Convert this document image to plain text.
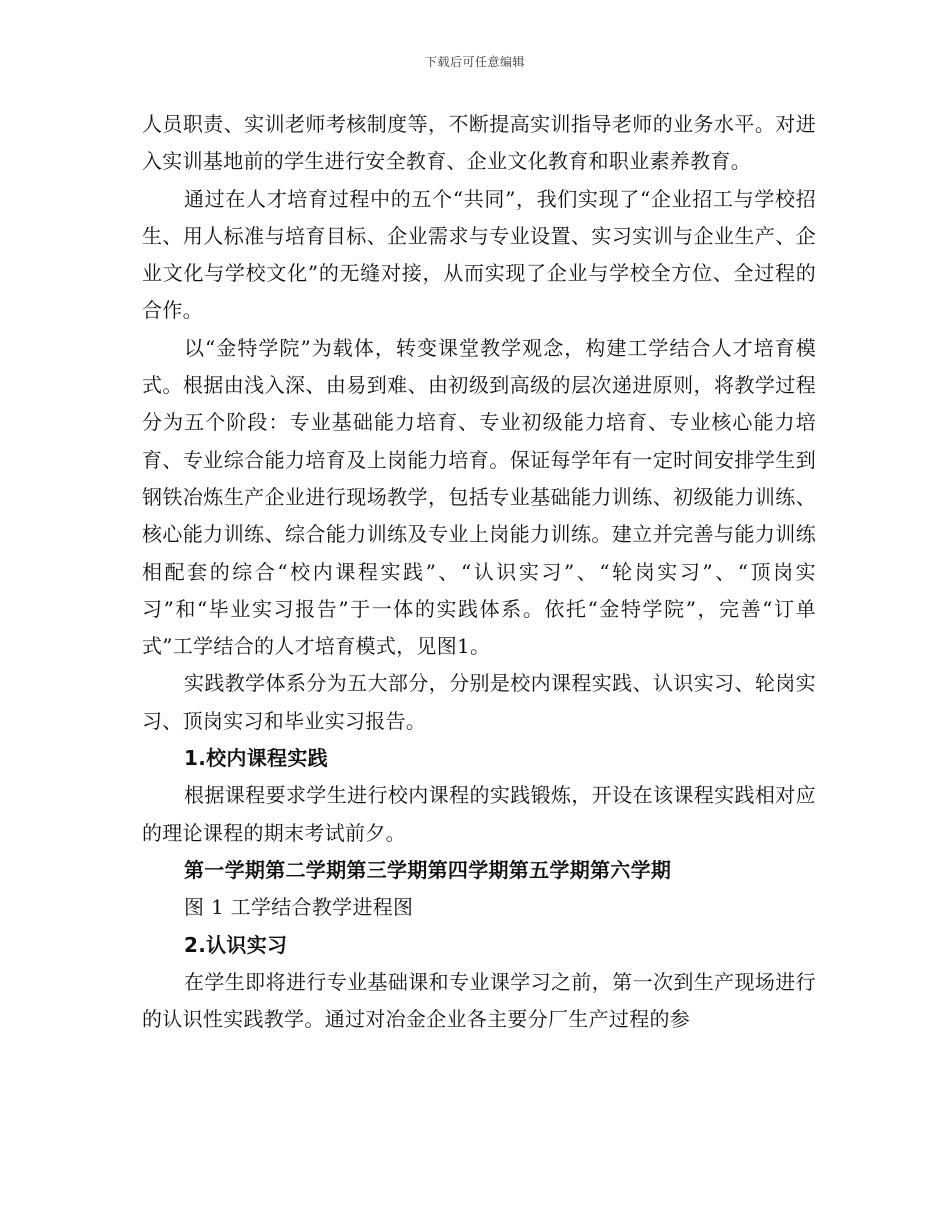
下载后可任意编辑

人员职责、实训老师考核制度等，不断提高实训指导老师的业务水平。对进入实训基地前的学生进行安全教育、企业文化教育和职业素养教育。

通过在人才培育过程中的五个“共同”，我们实现了“企业招工与学校招生、用人标准与培育目标、企业需求与专业设置、实习实训与企业生产、企业文化与学校文化”的无缝对接，从而实现了企业与学校全方位、全过程的合作。

以“金特学院”为载体，转变课堂教学观念，构建工学结合人才培育模式。根据由浅入深、由易到难、由初级到高级的层次递进原则，将教学过程分为五个阶段：专业基础能力培育、专业初级能力培育、专业核心能力培育、专业综合能力培育及上岗能力培育。保证每学年有一定时间安排学生到钢铁冶炼生产企业进行现场教学，包括专业基础能力训练、初级能力训练、核心能力训练、综合能力训练及专业上岗能力训练。建立并完善与能力训练相配套的综合“校内课程实践”、“认识实习”、“轮岗实习”、“顶岗实习”和“毕业实习报告”于一体的实践体系。依托“金特学院”，完善“订单式”工学结合的人才培育模式，见图1。

实践教学体系分为五大部分，分别是校内课程实践、认识实习、轮岗实习、顶岗实习和毕业实习报告。

1.校内课程实践

根据课程要求学生进行校内课程的实践锻炼，开设在该课程实践相对应的理论课程的期末考试前夕。

第一学期第二学期第三学期第四学期第五学期第六学期

图 1 工学结合教学进程图

2.认识实习

在学生即将进行专业基础课和专业课学习之前，第一次到生产现场进行的认识性实践教学。通过对冶金企业各主要分厂生产过程的参
